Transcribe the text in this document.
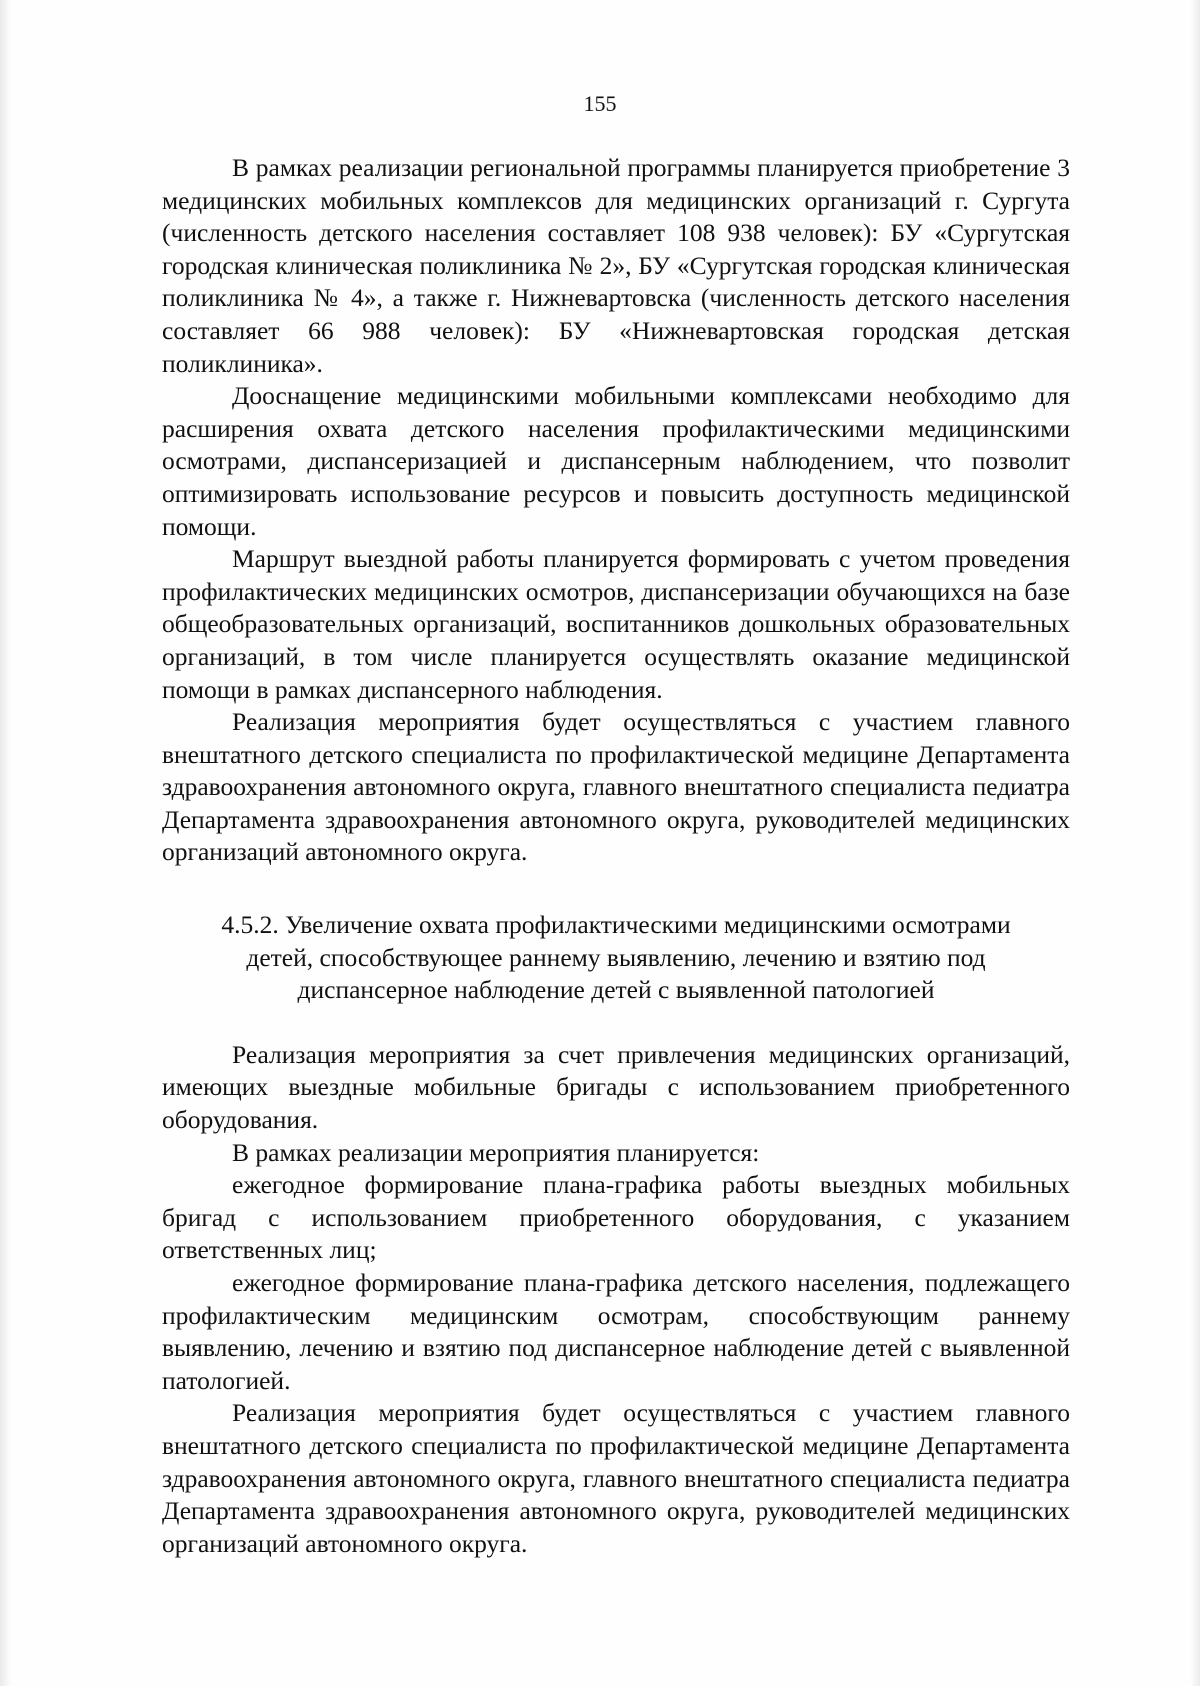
155

В рамках реализации региональной программы планируется приобретение 3 медицинских мобильных комплексов для медицинских организаций г. Сургута (численность детского населения составляет 108 938 человек): БУ «Сургутская городская клиническая поликлиника № 2», БУ «Сургутская городская клиническая поликлиника № 4», а также г. Нижневартовска (численность детского населения составляет 66 988 человек): БУ «Нижневартовская городская детская поликлиника».

Дооснащение медицинскими мобильными комплексами необходимо для расширения охвата детского населения профилактическими медицинскими осмотрами, диспансеризацией и диспансерным наблюдением, что позволит оптимизировать использование ресурсов и повысить доступность медицинской помощи.

Маршрут выездной работы планируется формировать с учетом проведения профилактических медицинских осмотров, диспансеризации обучающихся на базе общеобразовательных организаций, воспитанников дошкольных образовательных организаций, в том числе планируется осуществлять оказание медицинской помощи в рамках диспансерного наблюдения.

Реализация мероприятия будет осуществляться с участием главного внештатного детского специалиста по профилактической медицине Департамента здравоохранения автономного округа, главного внештатного специалиста педиатра Департамента здравоохранения автономного округа, руководителей медицинских организаций автономного округа.

4.5.2. Увеличение охвата профилактическими медицинскими осмотрами
детей, способствующее раннему выявлению, лечению и взятию под
диспансерное наблюдение детей с выявленной патологией

Реализация мероприятия за счет привлечения медицинских организаций, имеющих выездные мобильные бригады с использованием приобретенного оборудования.

В рамках реализации мероприятия планируется:

ежегодное формирование плана-графика работы выездных мобильных бригад с использованием приобретенного оборудования, с указанием ответственных лиц;

ежегодное формирование плана-графика детского населения, подлежащего профилактическим медицинским осмотрам, способствующим раннему выявлению, лечению и взятию под диспансерное наблюдение детей с выявленной патологией.

Реализация мероприятия будет осуществляться с участием главного внештатного детского специалиста по профилактической медицине Департамента здравоохранения автономного округа, главного внештатного специалиста педиатра Департамента здравоохранения автономного округа, руководителей медицинских организаций автономного округа.
